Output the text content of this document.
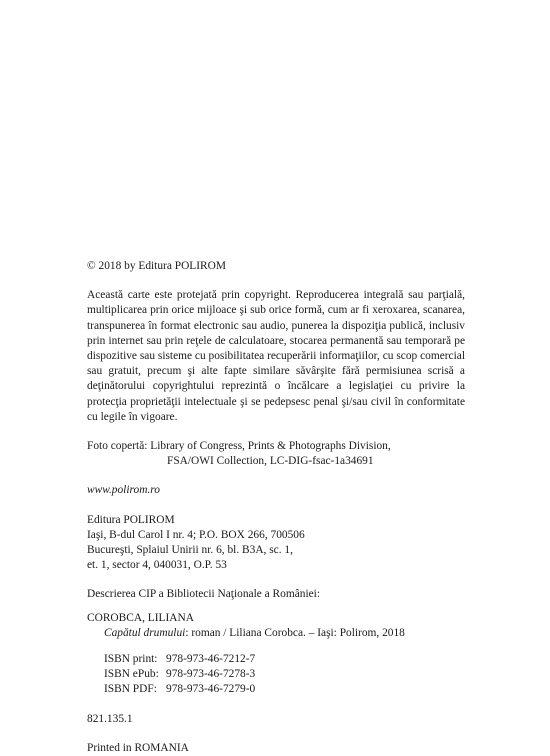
© 2018 by Editura POLIROM

Această carte este protejată prin copyright. Reproducerea integrală sau parţială, multiplicarea prin orice mijloace şi sub orice formă, cum ar fi xeroxarea, scanarea, transpunerea în format electronic sau audio, punerea la dispoziţia publică, inclusiv prin internet sau prin reţele de calculatoare, stocarea permanentă sau temporară pe dispozitive sau sisteme cu posibilitatea recuperării informaţiilor, cu scop comercial sau gratuit, precum şi alte fapte similare săvârşite fără permisiunea scrisă a deţinătorului copyrightului reprezintă o încălcare a legislaţiei cu privire la protecţia proprietăţii intelectuale şi se pedepsesc penal şi/sau civil în conformitate cu legile în vigoare.

Foto copertă: Library of Congress, Prints & Photographs Division,

FSA/OWI Collection, LC-DIG-fsac-1a34691

www.polirom.ro

Editura POLIROM

Iaşi, B-dul Carol I nr. 4; P.O. BOX 266, 700506

Bucureşti, Splaiul Unirii nr. 6, bl. B3A, sc. 1,

et. 1, sector 4, 040031, O.P. 53

Descrierea CIP a Bibliotecii Naţionale a României:

COROBCA, LILIANA

Capătul drumului: roman / Liliana Corobca. – Iaşi: Polirom, 2018

ISBN print: 978-973-46-7212-7
ISBN ePub: 978-973-46-7278-3
ISBN PDF: 978-973-46-7279-0

821.135.1

Printed in ROMANIA
